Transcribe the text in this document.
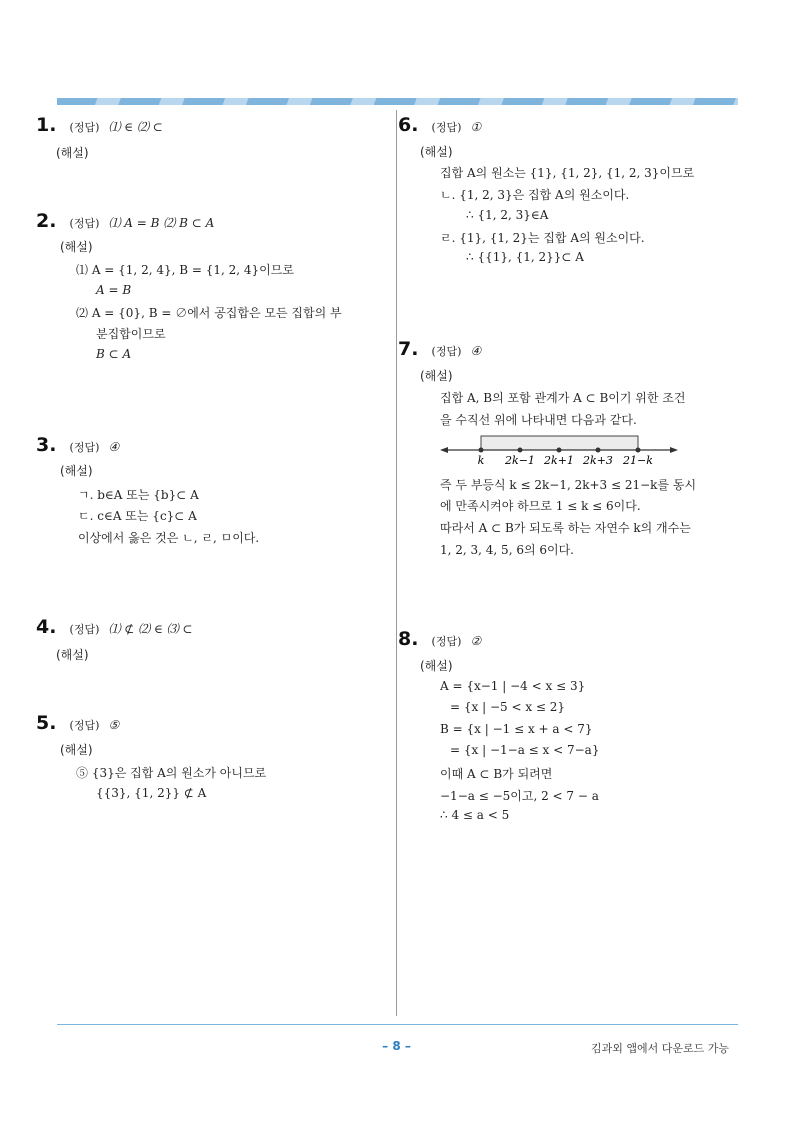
1. (정답) ⑴ ∈ ⑵ ⊂
(해설)
2. (정답) ⑴ A = B ⑵ B ⊂ A
(해설)
⑴ A = {1, 2, 4}, B = {1, 2, 4}이므로
A = B
⑵ A = {0}, B = ∅에서 공집합은 모든 집합의 부
분집합이므로
B ⊂ A
3. (정답) ④
(해설)
ㄱ. b∈A 또는 {b}⊂ A
ㄷ. c∈A 또는 {c}⊂ A
이상에서 옳은 것은 ㄴ, ㄹ, ㅁ이다.
4. (정답) ⑴ ⊄ ⑵ ∈ ⑶ ⊂
(해설)
5. (정답) ⑤
(해설)
⑤ {3}은 집합 A의 원소가 아니므로
{{3}, {1, 2}} ⊄ A
6. (정답) ①
(해설)
집합 A의 원소는 {1}, {1, 2}, {1, 2, 3}이므로
ㄴ. {1, 2, 3}은 집합 A의 원소이다.
∴ {1, 2, 3}∈A
ㄹ. {1}, {1, 2}는 집합 A의 원소이다.
∴ {{1}, {1, 2}}⊂ A
7. (정답) ④
(해설)
집합 A, B의 포함 관계가 A ⊂ B이기 위한 조건
을 수직선 위에 나타내면 다음과 같다.
k 2k−1 2k+1 2k+3 21−k
즉 두 부등식 k ≤ 2k−1, 2k+3 ≤ 21−k를 동시
에 만족시켜야 하므로 1 ≤ k ≤ 6이다.
따라서 A ⊂ B가 되도록 하는 자연수 k의 개수는
1, 2, 3, 4, 5, 6의 6이다.
8. (정답) ②
(해설)
A = {x−1 | −4 < x ≤ 3}
= {x | −5 < x ≤ 2}
B = {x | −1 ≤ x + a < 7}
= {x | −1−a ≤ x < 7−a}
이때 A ⊂ B가 되려면
−1−a ≤ −5이고, 2 < 7 − a
∴ 4 ≤ a < 5
– 8 –	김과외 앱에서 다운로드 가능
